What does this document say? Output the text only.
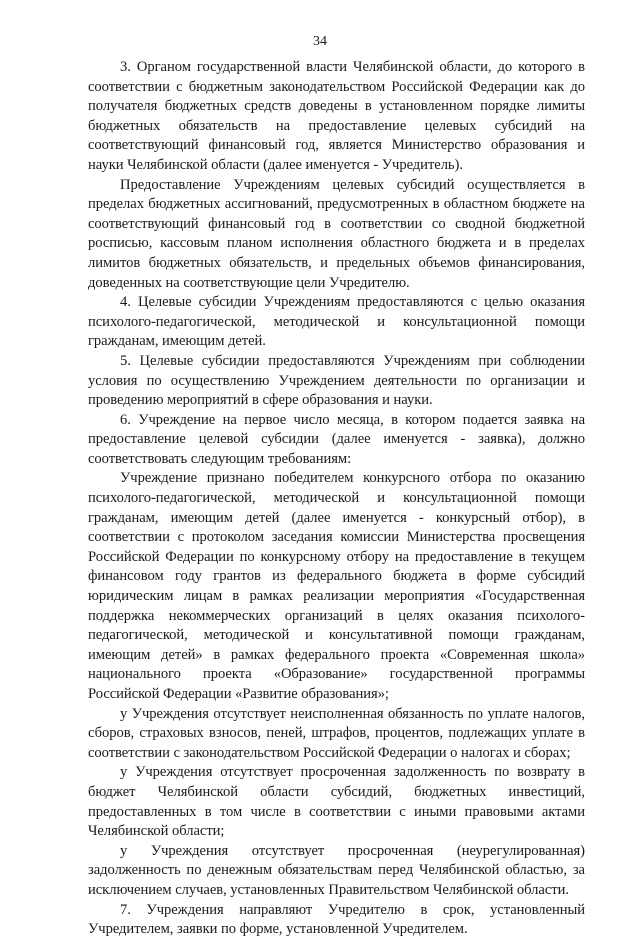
34

3. Органом государственной власти Челябинской области, до которого в соответствии с бюджетным законодательством Российской Федерации как до получателя бюджетных средств доведены в установленном порядке лимиты бюджетных обязательств на предоставление целевых субсидий на соответствующий финансовый год, является Министерство образования и науки Челябинской области (далее именуется - Учредитель).

Предоставление Учреждениям целевых субсидий осуществляется в пределах бюджетных ассигнований, предусмотренных в областном бюджете на соответствующий финансовый год в соответствии со сводной бюджетной росписью, кассовым планом исполнения областного бюджета и в пределах лимитов бюджетных обязательств, и предельных объемов финансирования, доведенных на соответствующие цели Учредителю.

4. Целевые субсидии Учреждениям предоставляются с целью оказания психолого-педагогической, методической и консультационной помощи гражданам, имеющим детей.

5. Целевые субсидии предоставляются Учреждениям при соблюдении условия по осуществлению Учреждением деятельности по организации и проведению мероприятий в сфере образования и науки.

6. Учреждение на первое число месяца, в котором подается заявка на предоставление целевой субсидии (далее именуется - заявка), должно соответствовать следующим требованиям:

Учреждение признано победителем конкурсного отбора по оказанию психолого-педагогической, методической и консультационной помощи гражданам, имеющим детей (далее именуется - конкурсный отбор), в соответствии с протоколом заседания комиссии Министерства просвещения Российской Федерации по конкурсному отбору на предоставление в текущем финансовом году грантов из федерального бюджета в форме субсидий юридическим лицам в рамках реализации мероприятия «Государственная поддержка некоммерческих организаций в целях оказания психолого-педагогической, методической и консультативной помощи гражданам, имеющим детей» в рамках федерального проекта «Современная школа» национального проекта «Образование» государственной программы Российской Федерации «Развитие образования»;

у Учреждения отсутствует неисполненная обязанность по уплате налогов, сборов, страховых взносов, пеней, штрафов, процентов, подлежащих уплате в соответствии с законодательством Российской Федерации о налогах и сборах;

у Учреждения отсутствует просроченная задолженность по возврату в бюджет Челябинской области субсидий, бюджетных инвестиций, предоставленных в том числе в соответствии с иными правовыми актами Челябинской области;

у Учреждения отсутствует просроченная (неурегулированная) задолженность по денежным обязательствам перед Челябинской областью, за исключением случаев, установленных Правительством Челябинской области.

7. Учреждения направляют Учредителю в срок, установленный Учредителем, заявки по форме, установленной Учредителем.
